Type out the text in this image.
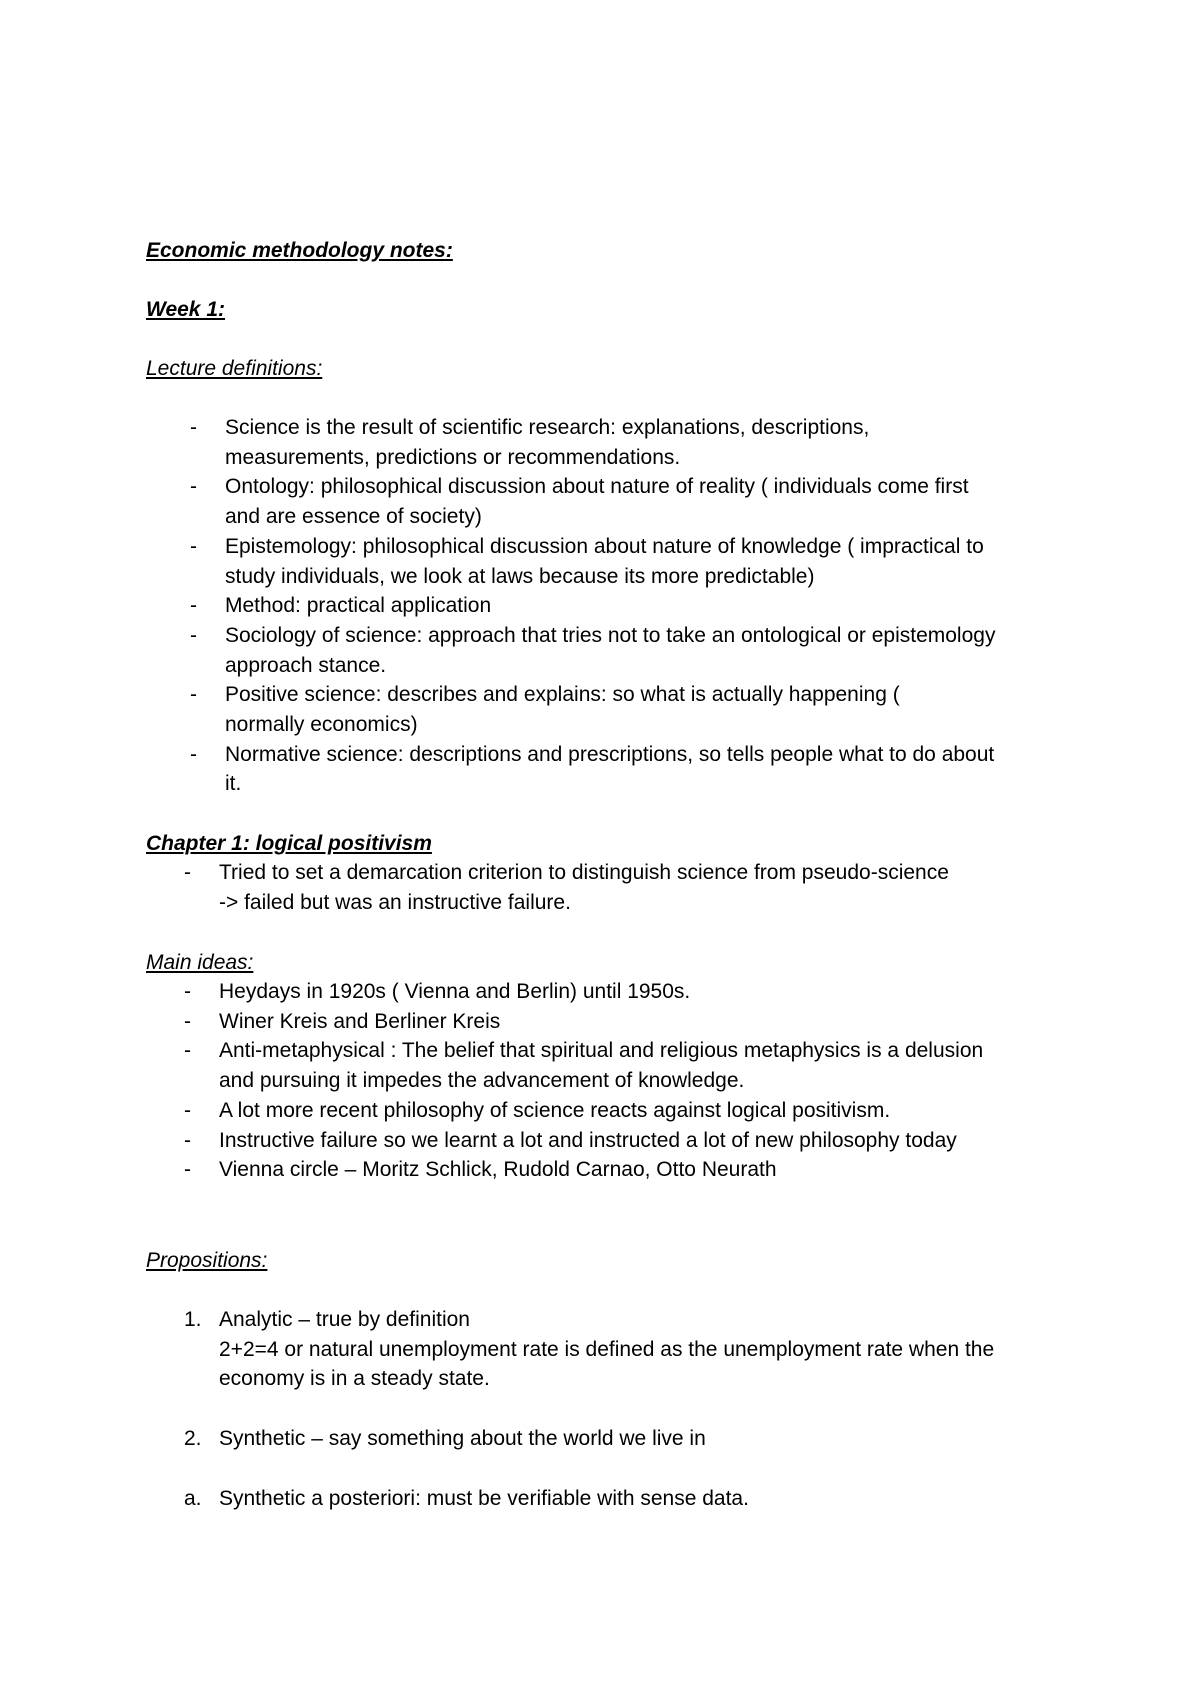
Economic methodology notes:
Week 1:
Lecture definitions:
- Science is the result of scientific research: explanations, descriptions,
measurements, predictions or recommendations.
- Ontology: philosophical discussion about nature of reality ( individuals come first
and are essence of society)
- Epistemology: philosophical discussion about nature of knowledge ( impractical to
study individuals, we look at laws because its more predictable)
- Method: practical application
- Sociology of science: approach that tries not to take an ontological or epistemology
approach stance.
- Positive science: describes and explains: so what is actually happening (
normally economics)
- Normative science: descriptions and prescriptions, so tells people what to do about
it.
Chapter 1: logical positivism
- Tried to set a demarcation criterion to distinguish science from pseudo-science
-> failed but was an instructive failure.
Main ideas:
- Heydays in 1920s ( Vienna and Berlin) until 1950s.
- Winer Kreis and Berliner Kreis
- Anti-metaphysical : The belief that spiritual and religious metaphysics is a delusion
and pursuing it impedes the advancement of knowledge.
- A lot more recent philosophy of science reacts against logical positivism.
- Instructive failure so we learnt a lot and instructed a lot of new philosophy today
- Vienna circle – Moritz Schlick, Rudold Carnao, Otto Neurath
Propositions:
1. Analytic – true by definition
2+2=4 or natural unemployment rate is defined as the unemployment rate when the
economy is in a steady state.
2. Synthetic – say something about the world we live in
a. Synthetic a posteriori: must be verifiable with sense data.
